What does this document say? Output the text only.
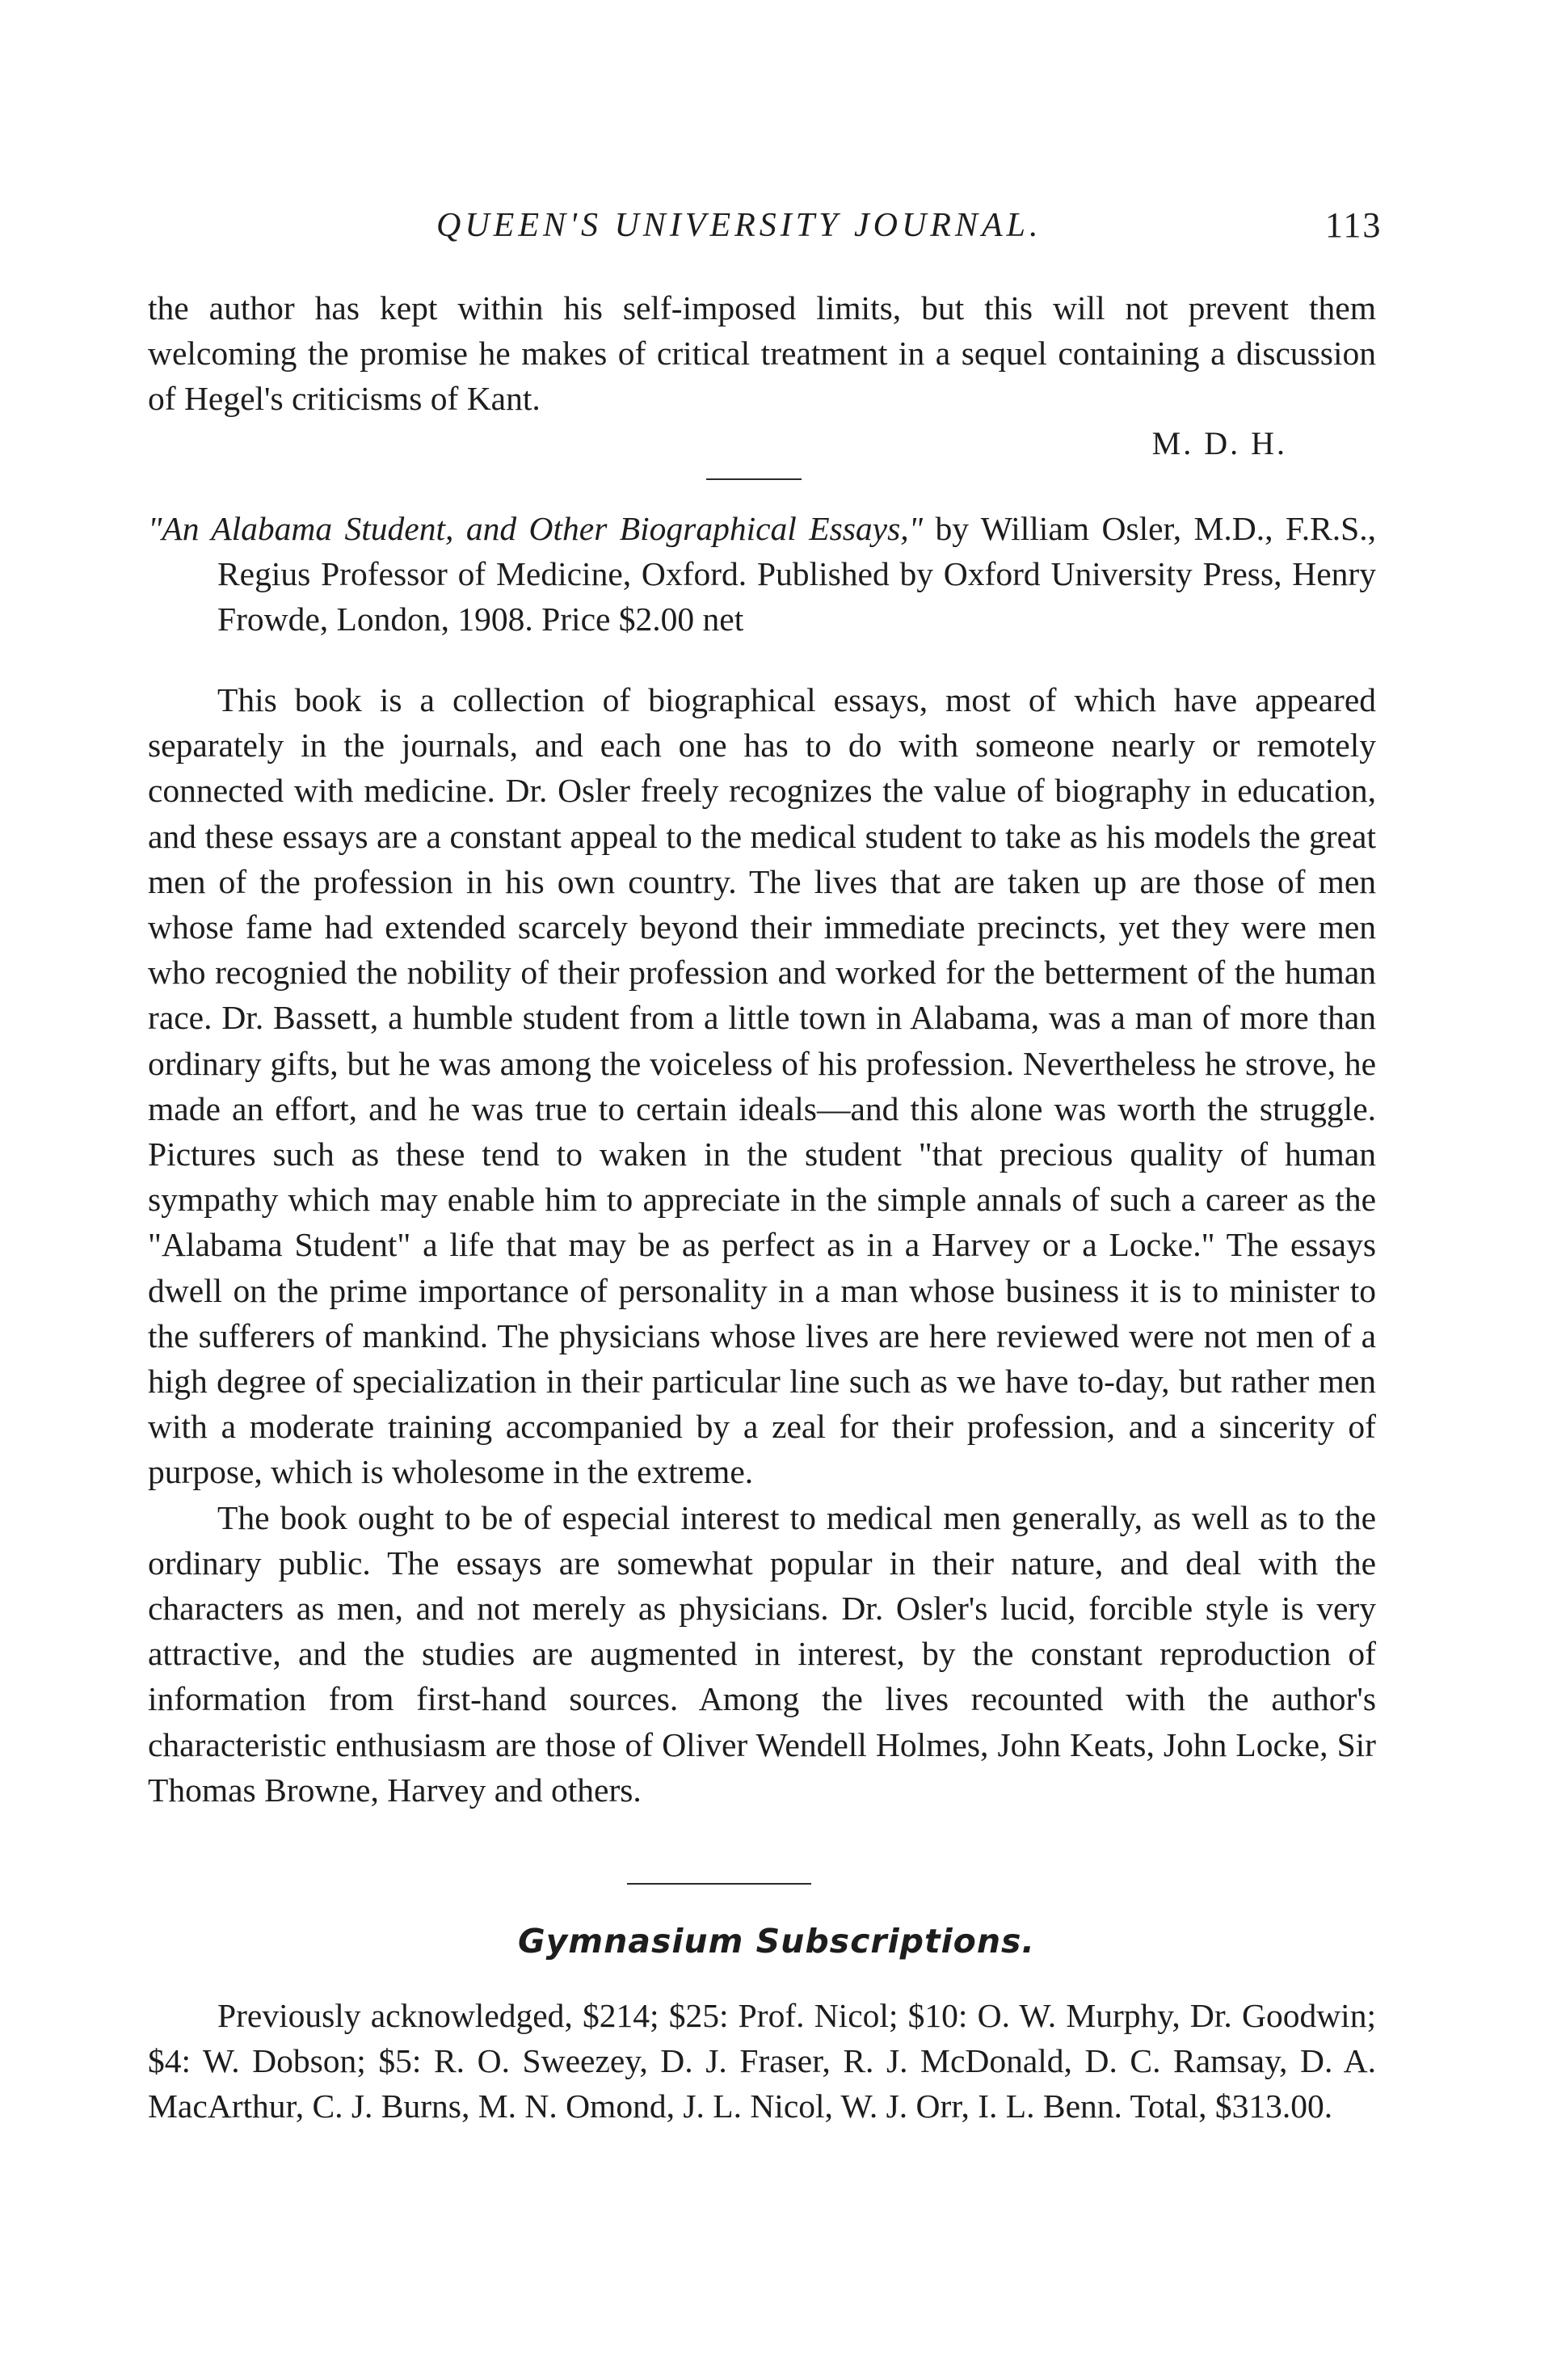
QUEEN'S UNIVERSITY JOURNAL.	113

the author has kept within his self-imposed limits, but this will not prevent them welcoming the promise he makes of critical treatment in a sequel containing a discussion of Hegel's criticisms of Kant.

M. D. H.

"An Alabama Student, and Other Biographical Essays," by William Osler, M.D., F.R.S., Regius Professor of Medicine, Oxford. Published by Oxford University Press, Henry Frowde, London, 1908. Price $2.00 net

This book is a collection of biographical essays, most of which have appeared separately in the journals, and each one has to do with someone nearly or remotely connected with medicine. Dr. Osler freely recognizes the value of biography in education, and these essays are a constant appeal to the medical student to take as his models the great men of the profession in his own country. The lives that are taken up are those of men whose fame had extended scarcely beyond their immediate precincts, yet they were men who recognied the nobility of their profession and worked for the betterment of the human race. Dr. Bassett, a humble student from a little town in Alabama, was a man of more than ordinary gifts, but he was among the voiceless of his profession. Nevertheless he strove, he made an effort, and he was true to certain ideals—and this alone was worth the struggle. Pictures such as these tend to waken in the student "that precious quality of human sympathy which may enable him to appreciate in the simple annals of such a career as the "Alabama Student" a life that may be as perfect as in a Harvey or a Locke." The essays dwell on the prime importance of personality in a man whose business it is to minister to the sufferers of mankind. The physicians whose lives are here reviewed were not men of a high degree of specialization in their particular line such as we have to-day, but rather men with a moderate training accompanied by a zeal for their profession, and a sincerity of purpose, which is wholesome in the extreme.

The book ought to be of especial interest to medical men generally, as well as to the ordinary public. The essays are somewhat popular in their nature, and deal with the characters as men, and not merely as physicians. Dr. Osler's lucid, forcible style is very attractive, and the studies are augmented in interest, by the constant reproduction of information from first-hand sources. Among the lives recounted with the author's characteristic enthusiasm are those of Oliver Wendell Holmes, John Keats, John Locke, Sir Thomas Browne, Harvey and others.

Gymnasium Subscriptions.

Previously acknowledged, $214; $25: Prof. Nicol; $10: O. W. Murphy, Dr. Goodwin; $4: W. Dobson; $5: R. O. Sweezey, D. J. Fraser, R. J. McDonald, D. C. Ramsay, D. A. MacArthur, C. J. Burns, M. N. Omond, J. L. Nicol, W. J. Orr, I. L. Benn. Total, $313.00.
